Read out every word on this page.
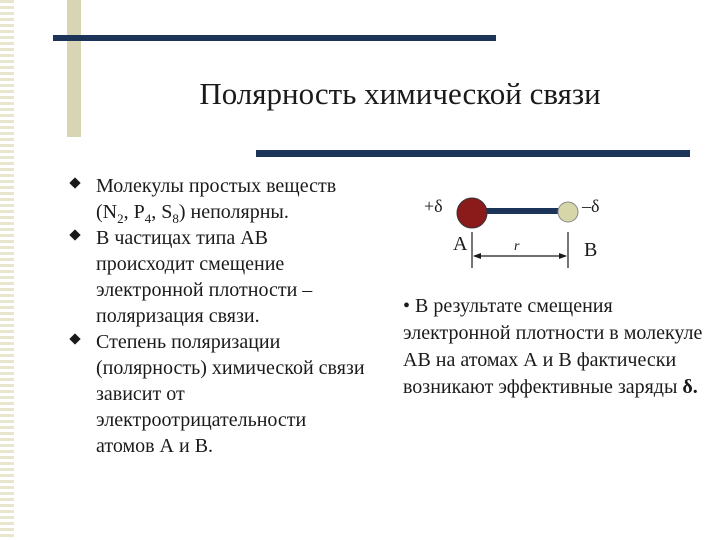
Полярность химической связи
Молекулы простых веществ ($N_2$, $P_4$, $S_8$) неполярны.
В частицах типа АВ происходит смещение электронной плотности – поляризация связи.
Степень поляризации (полярность) химической связи зависит от электроотрицательности атомов А и В.
+δ	–δ
A	B
r
• В результате смещения электронной плотности в молекуле АВ на атомах А и В фактически возникают эффективные заряды δ.
